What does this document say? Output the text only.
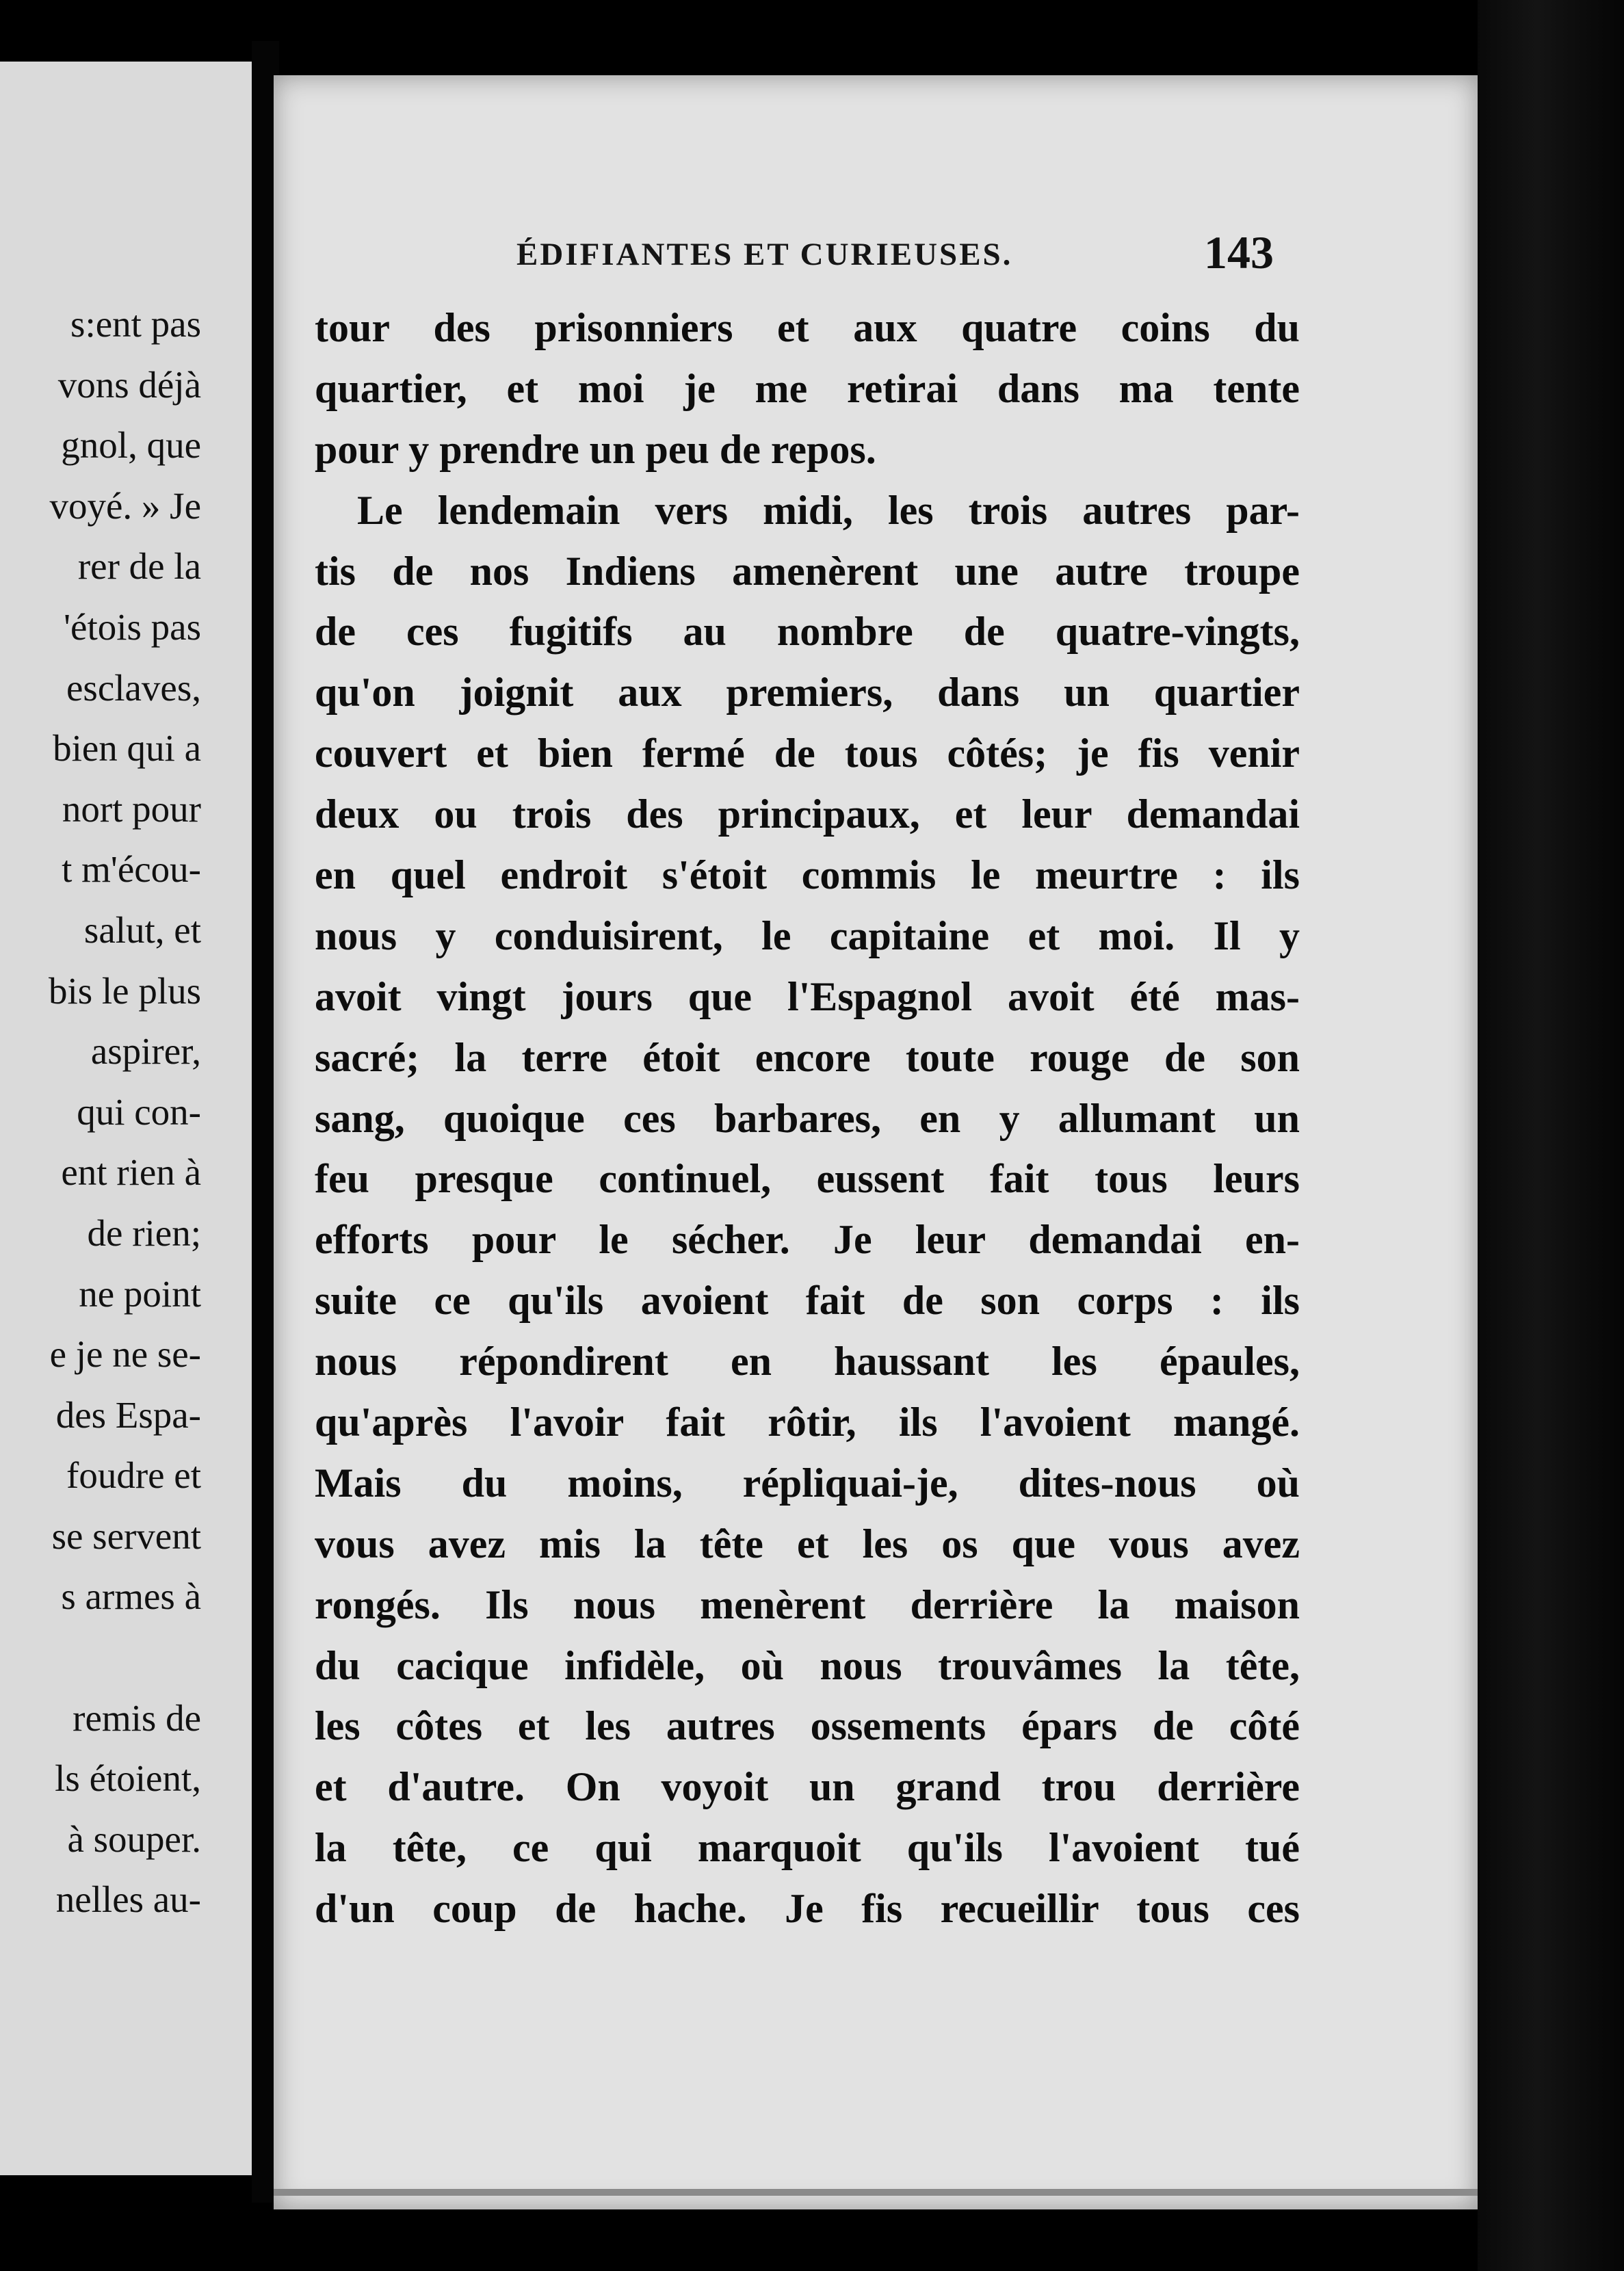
s:ent pas
vons déjà
gnol, que
voyé. » Je
rer de la
'étois pas
esclaves,
bien qui a
nort pour
t m'écou-
salut, et
bis le plus
aspirer,
qui con-
ent rien à
de rien;
ne point
e je ne se-
des Espa-
foudre et
se servent
s armes à
remis de
ls étoient,
à souper.
nelles au-
ÉDIFIANTES ET CURIEUSES.	143
tour des prisonniers et aux quatre coins du
quartier, et moi je me retirai dans ma tente
pour y prendre un peu de repos.
Le lendemain vers midi, les trois autres par-
tis de nos Indiens amenèrent une autre troupe
de ces fugitifs au nombre de quatre-vingts,
qu'on joignit aux premiers, dans un quartier
couvert et bien fermé de tous côtés; je fis venir
deux ou trois des principaux, et leur demandai
en quel endroit s'étoit commis le meurtre : ils
nous y conduisirent, le capitaine et moi. Il y
avoit vingt jours que l'Espagnol avoit été mas-
sacré; la terre étoit encore toute rouge de son
sang, quoique ces barbares, en y allumant un
feu presque continuel, eussent fait tous leurs
efforts pour le sécher. Je leur demandai en-
suite ce qu'ils avoient fait de son corps : ils
nous répondirent en haussant les épaules,
qu'après l'avoir fait rôtir, ils l'avoient mangé.
Mais du moins, répliquai-je, dites-nous où
vous avez mis la tête et les os que vous avez
rongés. Ils nous menèrent derrière la maison
du cacique infidèle, où nous trouvâmes la tête,
les côtes et les autres ossements épars de côté
et d'autre. On voyoit un grand trou derrière
la tête, ce qui marquoit qu'ils l'avoient tué
d'un coup de hache. Je fis recueillir tous ces
